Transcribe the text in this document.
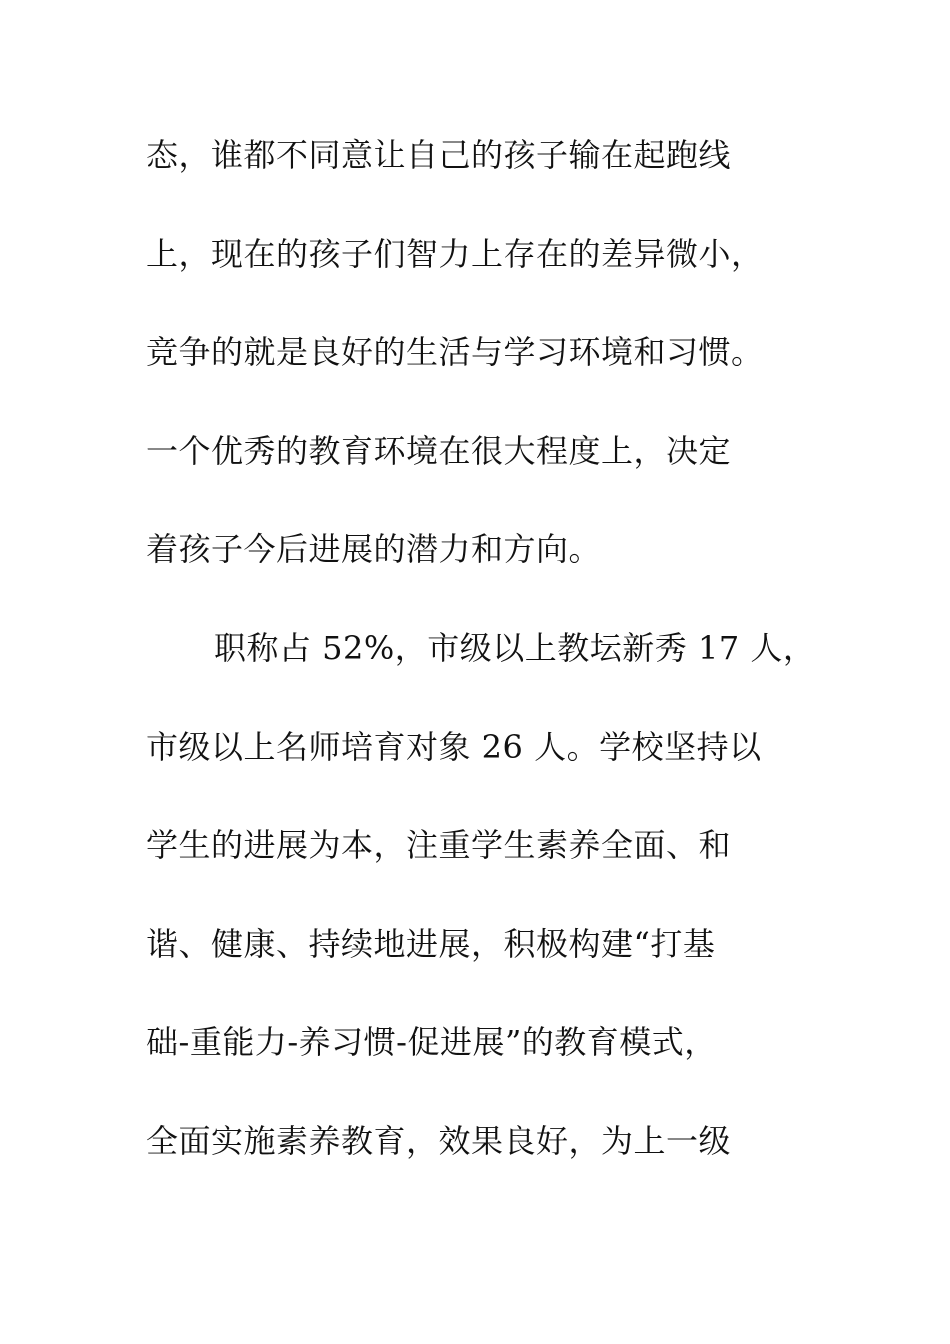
态，谁都不同意让自己的孩子输在起跑线
上，现在的孩子们智力上存在的差异微小，
竞争的就是良好的生活与学习环境和习惯。
一个优秀的教育环境在很大程度上，决定
着孩子今后进展的潜力和方向。
职称占 52%，市级以上教坛新秀 17 人，
市级以上名师培育对象 26 人。学校坚持以
学生的进展为本，注重学生素养全面、和
谐、健康、持续地进展，积极构建“打基
础-重能力-养习惯-促进展”的教育模式，
全面实施素养教育，效果良好，为上一级
